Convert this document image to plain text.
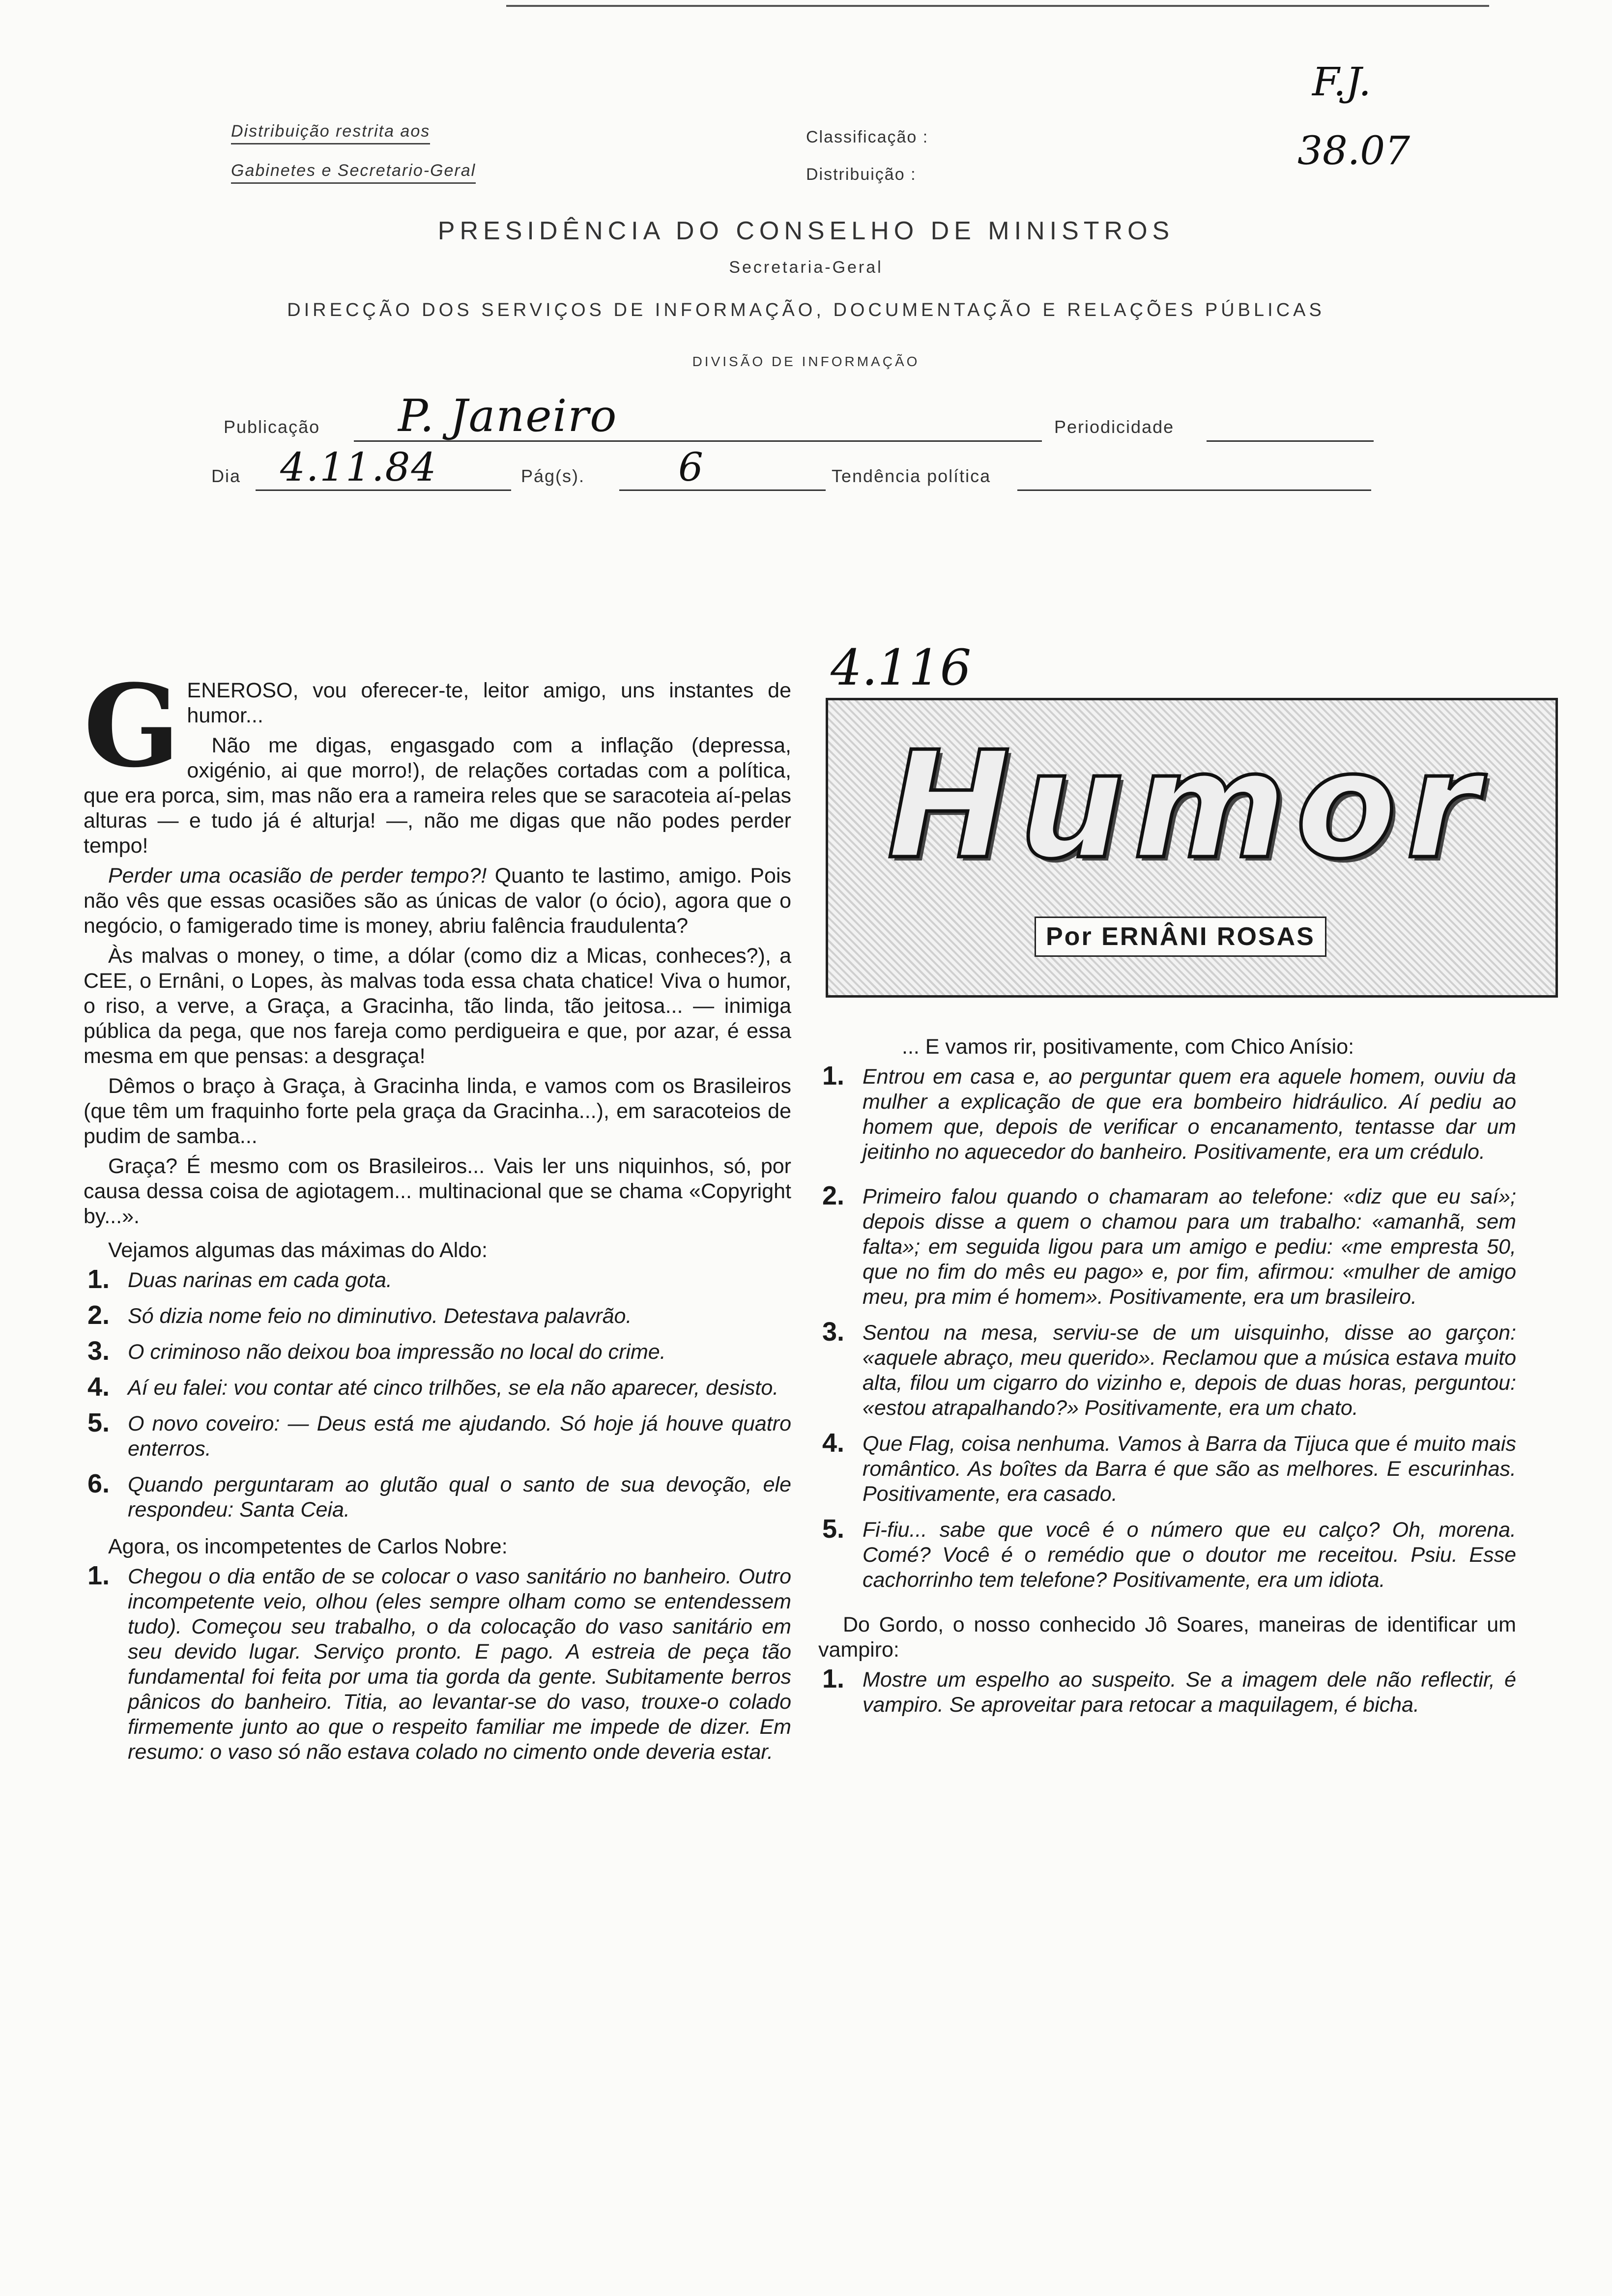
Distribuição restrita aos
Gabinetes e Secretario-Geral
Classificação :
Distribuição :
F.J.
38.07
PRESIDÊNCIA DO CONSELHO DE MINISTROS
Secretaria-Geral
DIRECÇÃO DOS SERVIÇOS DE INFORMAÇÃO, DOCUMENTAÇÃO E RELAÇÕES PÚBLICAS
DIVISÃO DE INFORMAÇÃO
Publicação P. Janeiro	Periodicidade
Dia 4.11.84	Pág(s). 6	Tendência política
G ENEROSO, vou oferecer-te, leitor amigo, uns instantes de humor...

Não me digas, engasgado com a inflação (depressa, oxigénio, ai que morro!), de relações cortadas com a política, que era porca, sim, mas não era a rameira reles que se saracoteia aí-pelas alturas — e tudo já é alturja! —, não me digas que não podes perder tempo!

Perder uma ocasião de perder tempo?! Quanto te lastimo, amigo. Pois não vês que essas ocasiões são as únicas de valor (o ócio), agora que o negócio, o famigerado time is money, abriu falência fraudulenta?

Às malvas o money, o time, a dólar (como diz a Micas, conheces?), a CEE, o Ernâni, o Lopes, às malvas toda essa chata chatice! Viva o humor, o riso, a verve, a Graça, a Gracinha, tão linda, tão jeitosa... — inimiga pública da pega, que nos fareja como perdigueira e que, por azar, é essa mesma em que pensas: a desgraça!

Dêmos o braço à Graça, à Gracinha linda, e vamos com os Brasileiros (que têm um fraquinho forte pela graça da Gracinha...), em saracoteios de pudim de samba...

Graça? É mesmo com os Brasileiros... Vais ler uns niquinhos, só, por causa dessa coisa de agiotagem... multinacional que se chama «Copyright by...».

Vejamos algumas das máximas do Aldo:

1. Duas narinas em cada gota.
2. Só dizia nome feio no diminutivo. Detestava palavrão.
3. O criminoso não deixou boa impressão no local do crime.
4. Aí eu falei: vou contar até cinco trilhões, se ela não aparecer, desisto.
5. O novo coveiro: — Deus está me ajudando. Só hoje já houve quatro enterros.
6. Quando perguntaram ao glutão qual o santo de sua devoção, ele respondeu: Santa Ceia.

Agora, os incompetentes de Carlos Nobre:

1. Chegou o dia então de se colocar o vaso sanitário no banheiro. Outro incompetente veio, olhou (eles sempre olham como se entendessem tudo). Começou seu trabalho, o da colocação do vaso sanitário em seu devido lugar. Serviço pronto. E pago. A estreia de peça tão fundamental foi feita por uma tia gorda da gente. Subitamente berros pânicos do banheiro. Titia, ao levantar-se do vaso, trouxe-o colado firmemente junto ao que o respeito familiar me impede de dizer. Em resumo: o vaso só não estava colado no cimento onde deveria estar.
4.116
Humor
Por ERNÂNI ROSAS

... E vamos rir, positivamente, com Chico Anísio:

1. Entrou em casa e, ao perguntar quem era aquele homem, ouviu da mulher a explicação de que era bombeiro hidráulico. Aí pediu ao homem que, depois de verificar o encanamento, tentasse dar um jeitinho no aquecedor do banheiro. Positivamente, era um crédulo.
2. Primeiro falou quando o chamaram ao telefone: «diz que eu saí»; depois disse a quem o chamou para um trabalho: «amanhã, sem falta»; em seguida ligou para um amigo e pediu: «me empresta 50, que no fim do mês eu pago» e, por fim, afirmou: «mulher de amigo meu, pra mim é homem». Positivamente, era um brasileiro.
3. Sentou na mesa, serviu-se de um uisquinho, disse ao garçon: «aquele abraço, meu querido». Reclamou que a música estava muito alta, filou um cigarro do vizinho e, depois de duas horas, perguntou: «estou atrapalhando?» Positivamente, era um chato.
4. Que Flag, coisa nenhuma. Vamos à Barra da Tijuca que é muito mais romântico. As boîtes da Barra é que são as melhores. E escurinhas. Positivamente, era casado.
5. Fi-fiu... sabe que você é o número que eu calço? Oh, morena. Comé? Você é o remédio que o doutor me receitou. Psiu. Esse cachorrinho tem telefone? Positivamente, era um idiota.

Do Gordo, o nosso conhecido Jô Soares, maneiras de identificar um vampiro:

1. Mostre um espelho ao suspeito. Se a imagem dele não reflectir, é vampiro. Se aproveitar para retocar a maquilagem, é bicha.
